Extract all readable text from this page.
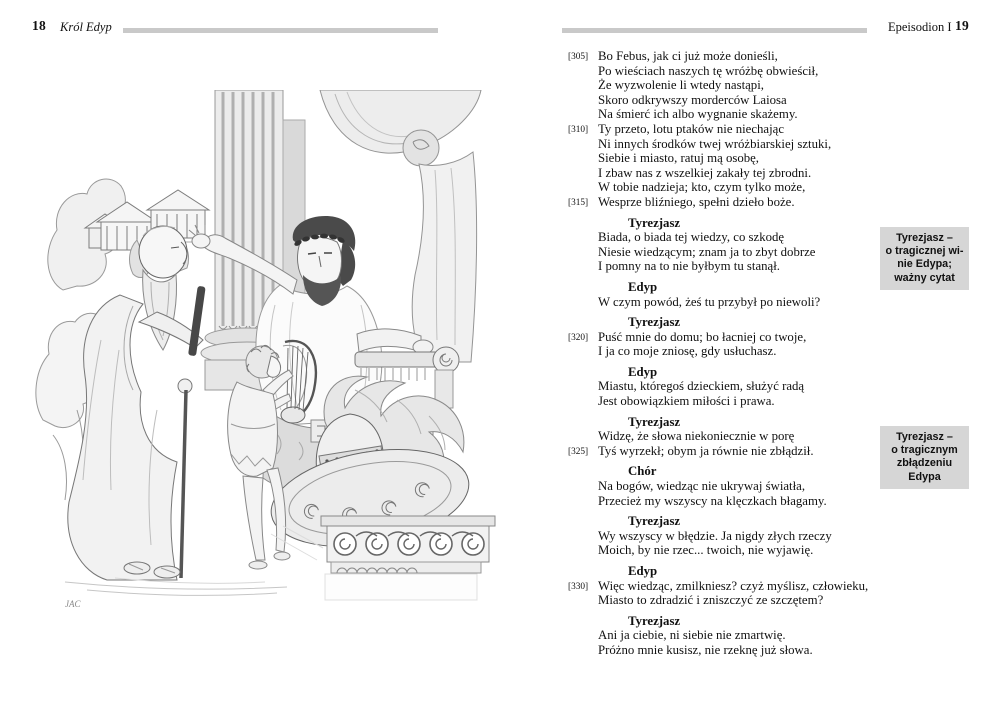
18 Król Edyp	Epeisodion I 19
JAC
[305] Bo Febus, jak ci już może donieśli,
Po wieściach naszych tę wróżbę obwieścił,
Że wyzwolenie li wtedy nastąpi,
Skoro odkrywszy morderców Laiosa
Na śmierć ich albo wygnanie skażemy.
[310] Ty przeto, lotu ptaków nie niechając
Ni innych środków twej wróżbiarskiej sztuki,
Siebie i miasto, ratuj mą osobę,
I zbaw nas z wszelkiej zakały tej zbrodni.
W tobie nadzieja; kto, czym tylko może,
[315] Wesprze bliźniego, spełni dzieło boże.
Tyrezjasz
Biada, o biada tej wiedzy, co szkodę
Niesie wiedzącym; znam ja to zbyt dobrze
I pomny na to nie byłbym tu stanął.
Edyp
W czym powód, żeś tu przybył po niewoli?
Tyrezjasz
[320] Puść mnie do domu; bo łacniej co twoje,
I ja co moje zniosę, gdy usłuchasz.
Edyp
Miastu, któregoś dzieckiem, służyć radą
Jest obowiązkiem miłości i prawa.
Tyrezjasz
Widzę, że słowa niekoniecznie w porę
[325] Tyś wyrzekł; obym ja równie nie zbłądził.
Chór
Na bogów, wiedząc nie ukrywaj światła,
Przecież my wszyscy na klęczkach błagamy.
Tyrezjasz
Wy wszyscy w błędzie. Ja nigdy złych rzeczy
Moich, by nie rzec... twoich, nie wyjawię.
Edyp
[330] Więc wiedząc, zmilkniesz? czyż myślisz, człowieku,
Miasto to zdradzić i zniszczyć ze szczętem?
Tyrezjasz
Ani ja ciebie, ni siebie nie zmartwię.
Próżno mnie kusisz, nie rzeknę już słowa.
Tyrezjasz –
o tragicznej wi-
nie Edypa;
ważny cytat
Tyrezjasz –
o tragicznym
zbłądzeniu
Edypa
